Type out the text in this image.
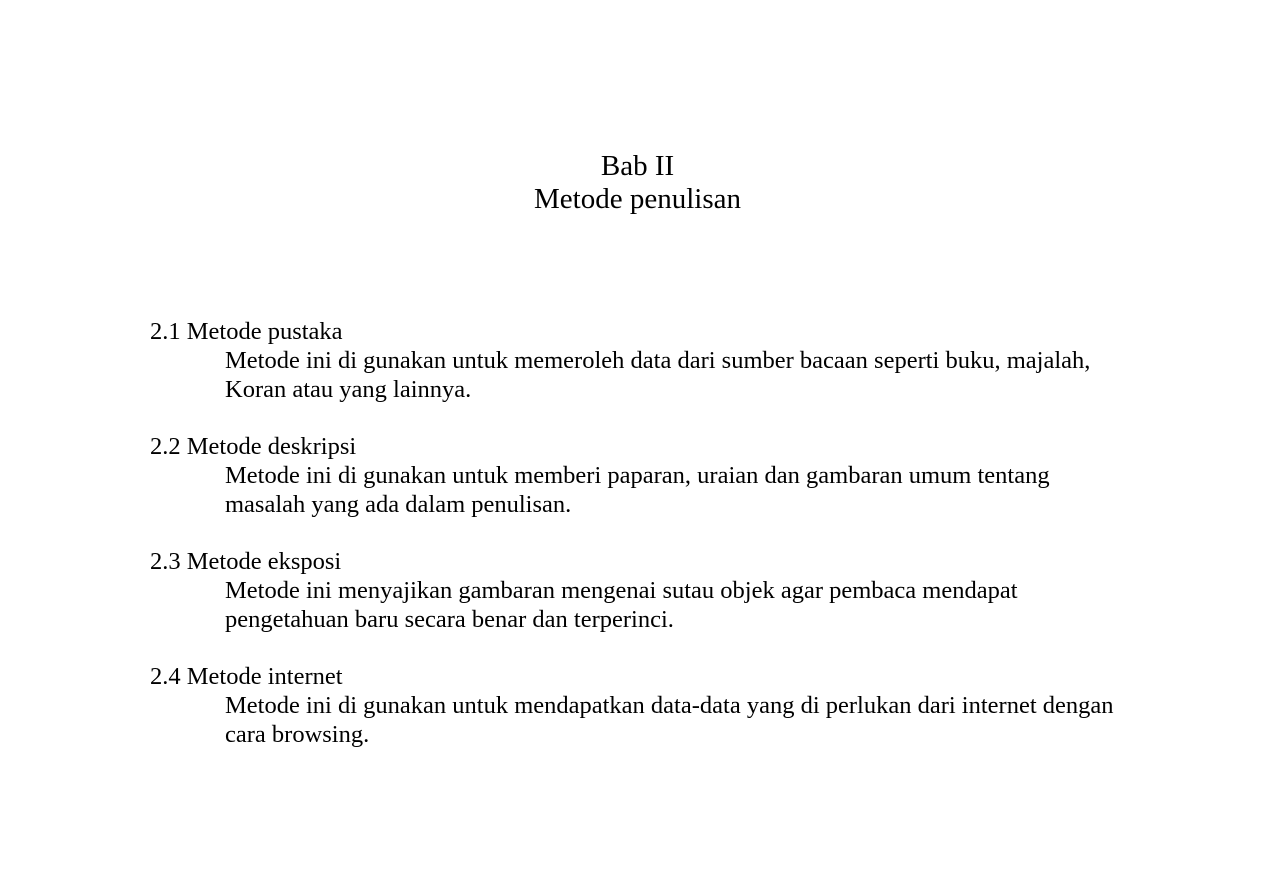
Bab II
Metode penulisan
2.1 Metode pustaka
Metode ini di gunakan untuk memeroleh data dari sumber bacaan seperti buku, majalah, Koran atau yang lainnya.
2.2 Metode deskripsi
Metode ini di gunakan untuk memberi paparan, uraian dan gambaran umum tentang masalah yang ada dalam penulisan.
2.3 Metode eksposi
Metode ini menyajikan gambaran mengenai sutau objek agar pembaca mendapat pengetahuan baru secara benar dan terperinci.
2.4 Metode internet
Metode ini di gunakan untuk mendapatkan data-data yang di perlukan dari internet dengan cara browsing.
